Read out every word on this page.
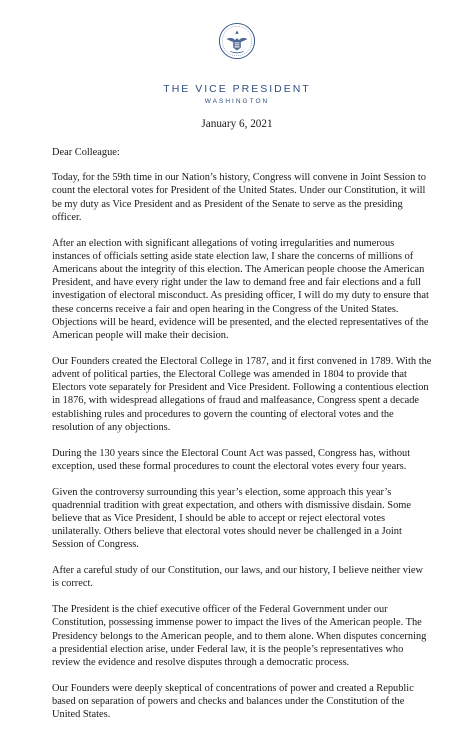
THE VICE PRESIDENT
WASHINGTON
January 6, 2021

Dear Colleague:

Today, for the 59th time in our Nation’s history, Congress will convene in Joint Session to count the electoral votes for President of the United States. Under our Constitution, it will be my duty as Vice President and as President of the Senate to serve as the presiding officer.

After an election with significant allegations of voting irregularities and numerous instances of officials setting aside state election law, I share the concerns of millions of Americans about the integrity of this election. The American people choose the American President, and have every right under the law to demand free and fair elections and a full investigation of electoral misconduct. As presiding officer, I will do my duty to ensure that these concerns receive a fair and open hearing in the Congress of the United States. Objections will be heard, evidence will be presented, and the elected representatives of the American people will make their decision.

Our Founders created the Electoral College in 1787, and it first convened in 1789. With the advent of political parties, the Electoral College was amended in 1804 to provide that Electors vote separately for President and Vice President. Following a contentious election in 1876, with widespread allegations of fraud and malfeasance, Congress spent a decade establishing rules and procedures to govern the counting of electoral votes and the resolution of any objections.

During the 130 years since the Electoral Count Act was passed, Congress has, without exception, used these formal procedures to count the electoral votes every four years.

Given the controversy surrounding this year’s election, some approach this year’s quadrennial tradition with great expectation, and others with dismissive disdain. Some believe that as Vice President, I should be able to accept or reject electoral votes unilaterally. Others believe that electoral votes should never be challenged in a Joint Session of Congress.

After a careful study of our Constitution, our laws, and our history, I believe neither view is correct.

The President is the chief executive officer of the Federal Government under our Constitution, possessing immense power to impact the lives of the American people. The Presidency belongs to the American people, and to them alone. When disputes concerning a presidential election arise, under Federal law, it is the people’s representatives who review the evidence and resolve disputes through a democratic process.

Our Founders were deeply skeptical of concentrations of power and created a Republic based on separation of powers and checks and balances under the Constitution of the United States.
